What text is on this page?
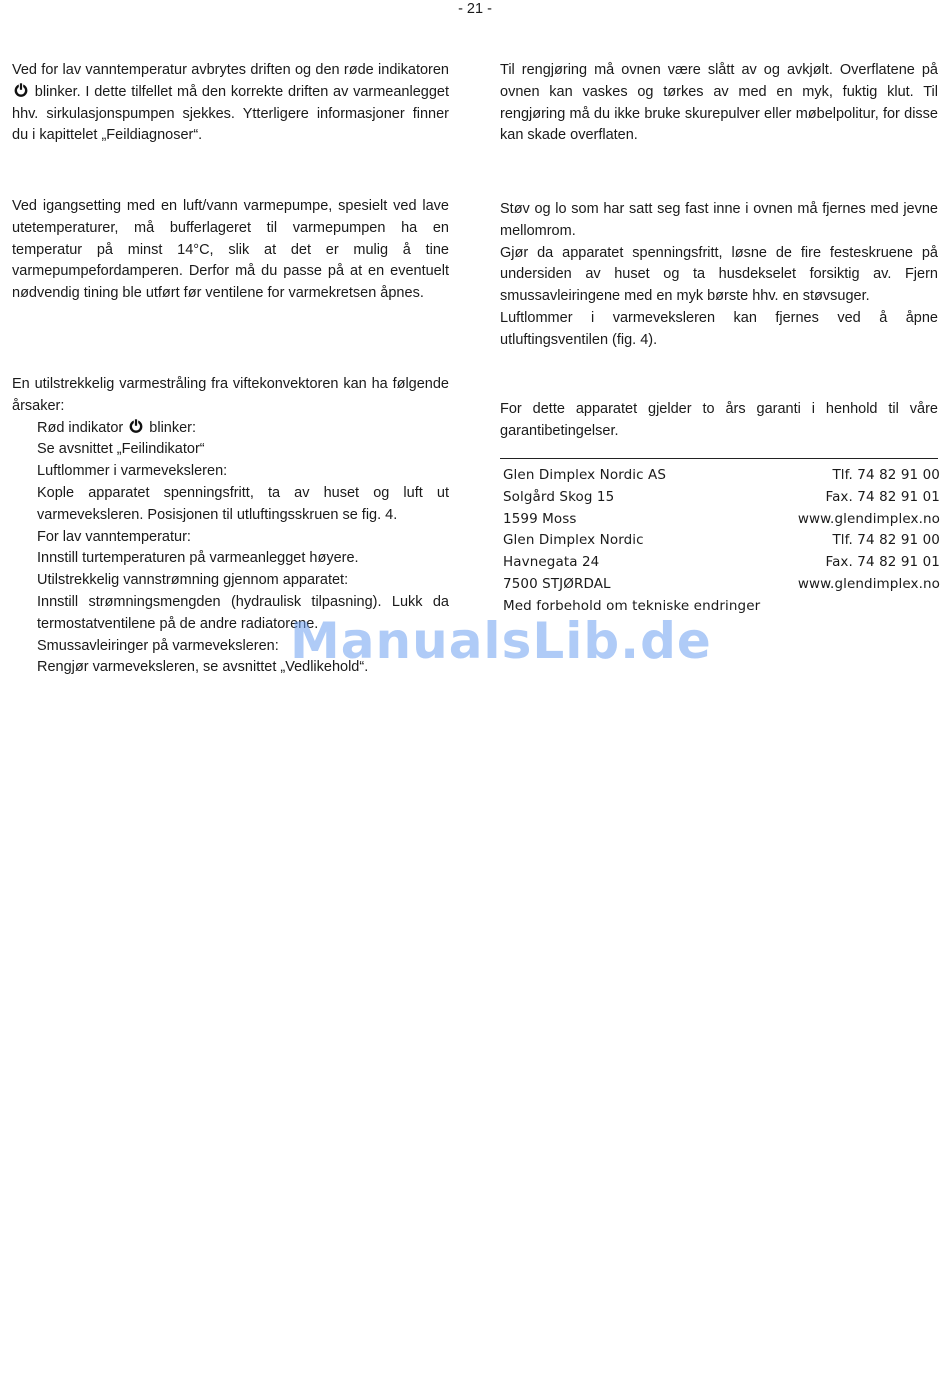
- 21 -

Ved for lav vanntemperatur avbrytes driften og den røde indikatoren  blinker. I dette tilfellet må den korrekte driften av varmeanlegget hhv. sirkulasjonspumpen sjekkes. Ytterligere informasjoner finner du i kapittelet „Feildiagnoser“.

Ved igangsetting med en luft/vann varmepumpe, spesielt ved lave utetemperaturer, må bufferlageret til varmepumpen ha en temperatur på minst 14°C, slik at det er mulig å tine varmepumpefordamperen. Derfor må du passe på at en eventuelt nødvendig tining ble utført før ventilene for varmekretsen åpnes.

En utilstrekkelig varmestråling fra viftekonvektoren kan ha følgende årsaker:

Rød indikator blinker:

Se avsnittet „Feilindikator“

Luftlommer i varmeveksleren:

Kople apparatet spenningsfritt, ta av huset og luft ut varmeveksleren. Posisjonen til utluftingsskruen se fig. 4.

For lav vanntemperatur:

Innstill turtemperaturen på varmeanlegget høyere.

Utilstrekkelig vannstrømning gjennom apparatet:

Innstill strømningsmengden (hydraulisk tilpasning). Lukk da termostatventilene på de andre radiatorene.

Smussavleiringer på varmeveksleren:

Rengjør varmeveksleren, se avsnittet „Vedlikehold“.

Til rengjøring må ovnen være slått av og avkjølt. Overflatene på ovnen kan vaskes og tørkes av med en myk, fuktig klut. Til rengjøring må du ikke bruke skurepulver eller møbelpolitur, for disse kan skade overflaten.

Støv og lo som har satt seg fast inne i ovnen må fjernes med jevne mellomrom.

Gjør da apparatet spenningsfritt, løsne de fire festeskruene på undersiden av huset og ta husdekselet forsiktig av. Fjern smussavleiringene med en myk børste hhv. en støvsuger.

Luftlommer i varmeveksleren kan fjernes ved å åpne utluftingsventilen (fig. 4).

For dette apparatet gjelder to års garanti i henhold til våre garantibetingelser.

Glen Dimplex Nordic AS	Tlf. 74 82 91 00
Solgård Skog 15	Fax. 74 82 91 01
1599 Moss	www.glendimplex.no
Glen Dimplex Nordic	Tlf. 74 82 91 00
Havnegata 24	Fax. 74 82 91 01
7500 STJØRDAL	www.glendimplex.no
Med forbehold om tekniske endringer
ManualsLib.de
